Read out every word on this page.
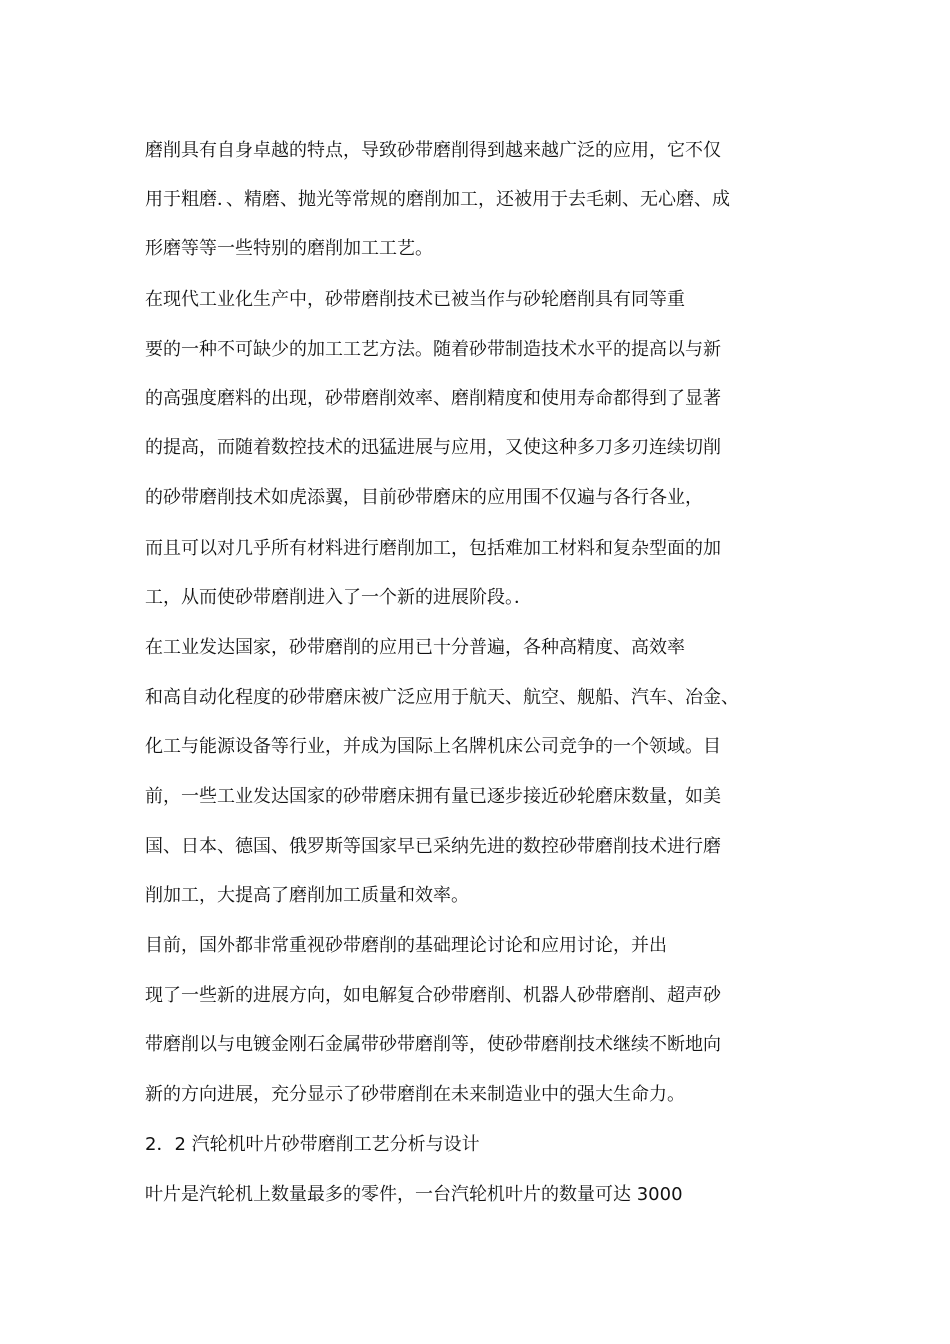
磨削具有自身卓越的特点，导致砂带磨削得到越来越广泛的应用，它不仅
用于粗磨．、精磨、抛光等常规的磨削加工，还被用于去毛刺、无心磨、成
形磨等等一些特别的磨削加工工艺。
在现代工业化生产中，砂带磨削技术已被当作与砂轮磨削具有同等重
要的一种不可缺少的加工工艺方法。随着砂带制造技术水平的提高以与新
的高强度磨料的出现，砂带磨削效率、磨削精度和使用寿命都得到了显著
的提高，而随着数控技术的迅猛进展与应用，又使这种多刀多刃连续切削
的砂带磨削技术如虎添翼，目前砂带磨床的应用围不仅遍与各行各业，
而且可以对几乎所有材料进行磨削加工，包括难加工材料和复杂型面的加
工，从而使砂带磨削进入了一个新的进展阶段。．
在工业发达国家，砂带磨削的应用已十分普遍，各种高精度、高效率
和高自动化程度的砂带磨床被广泛应用于航天、航空、舰船、汽车、冶金、
化工与能源设备等行业，并成为国际上名牌机床公司竞争的一个领域。目
前，一些工业发达国家的砂带磨床拥有量已逐步接近砂轮磨床数量，如美
国、日本、德国、俄罗斯等国家早已采纳先进的数控砂带磨削技术进行磨
削加工，大提高了磨削加工质量和效率。
目前，国外都非常重视砂带磨削的基础理论讨论和应用讨论，并出
现了一些新的进展方向，如电解复合砂带磨削、机器人砂带磨削、超声砂
带磨削以与电镀金刚石金属带砂带磨削等，使砂带磨削技术继续不断地向
新的方向进展，充分显示了砂带磨削在未来制造业中的强大生命力。
2．2 汽轮机叶片砂带磨削工艺分析与设计
叶片是汽轮机上数量最多的零件，一台汽轮机叶片的数量可达 3000
